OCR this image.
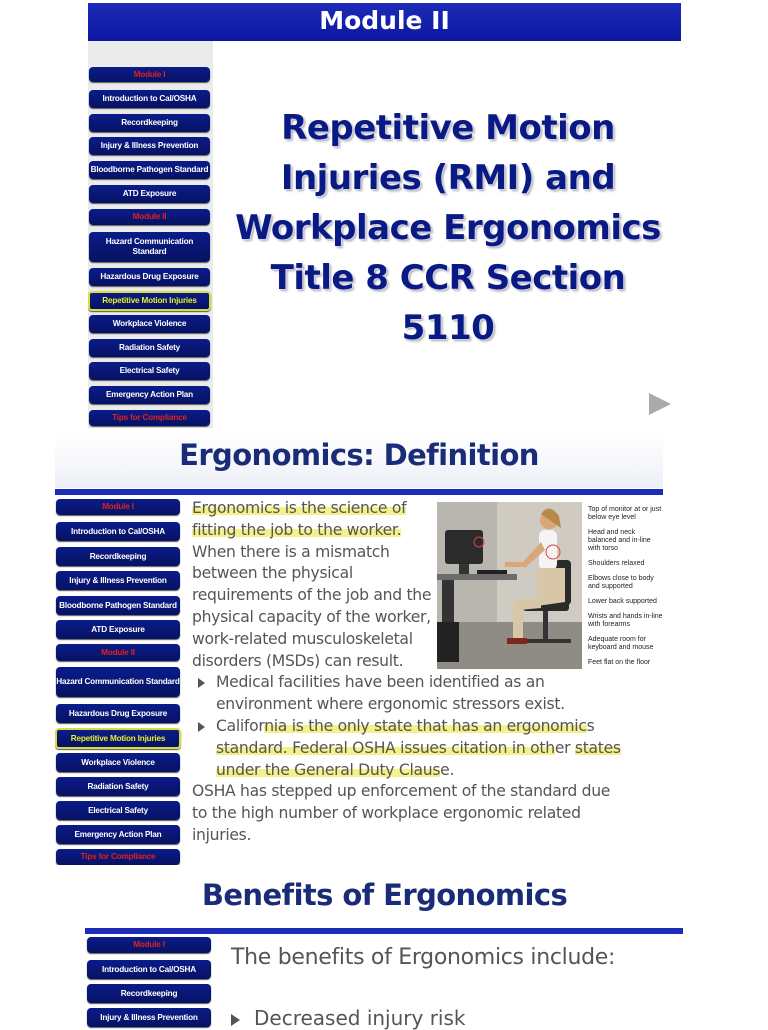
Module II
Module I
Introduction to Cal/OSHA
Recordkeeping
Injury & Illness Prevention
Bloodborne Pathogen Standard
ATD Exposure
Module II
Hazard Communication Standard
Hazardous Drug Exposure
Repetitive Motion Injuries
Workplace Violence
Radiation Safety
Electrical Safety
Emergency Action Plan
Tips for Compliance
Repetitive Motion
Injuries (RMI) and
Workplace Ergonomics
Title 8 CCR Section
5110
Ergonomics: Definition
Module I
Introduction to Cal/OSHA
Recordkeeping
Injury & Illness Prevention
Bloodborne Pathogen Standard
ATD Exposure
Module II
Hazard Communication Standard
Hazardous Drug Exposure
Repetitive Motion Injuries
Workplace Violence
Radiation Safety
Electrical Safety
Emergency Action Plan
Tips for Compliance
Ergonomics is the science of fitting the job to the worker. When there is a mismatch between the physical requirements of the job and the physical capacity of the worker, work-related musculoskeletal disorders (MSDs) can result.
Medical facilities have been identified as an environment where ergonomic stressors exist.
California is the only state that has an ergonomics standard. Federal OSHA issues citation in other states under the General Duty Clause.
OSHA has stepped up enforcement of the standard due to the high number of workplace ergonomic related injuries.
Top of monitor at or just below eye level
Head and neck balanced and in-line with torso
Shoulders relaxed
Elbows close to body and supported
Lower back supported
Wrists and hands in-line with forearms
Adequate room for keyboard and mouse
Feet flat on the floor
Benefits of Ergonomics
Module I
Introduction to Cal/OSHA
Recordkeeping
Injury & Illness Prevention
The benefits of Ergonomics include:
Decreased injury risk
